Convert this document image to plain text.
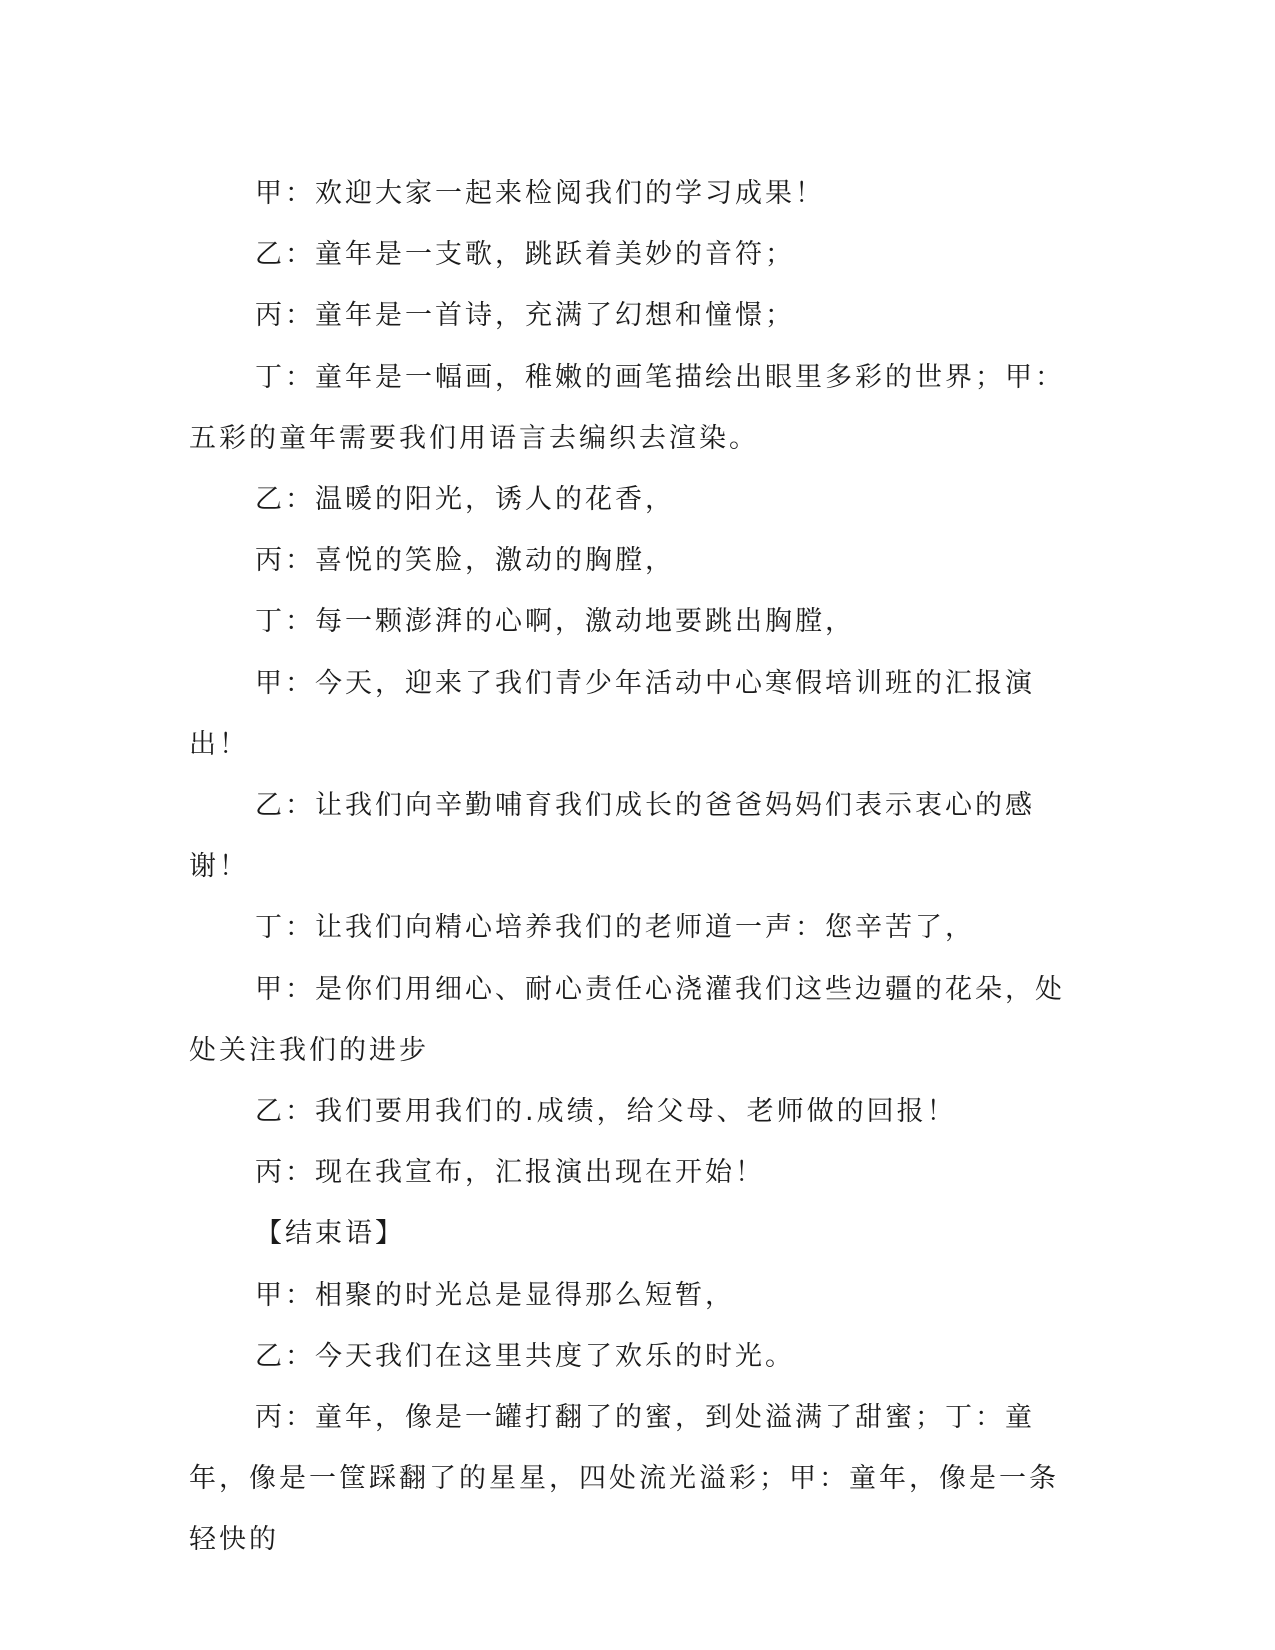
甲：欢迎大家一起来检阅我们的学习成果！

乙：童年是一支歌，跳跃着美妙的音符；

丙：童年是一首诗，充满了幻想和憧憬；

丁：童年是一幅画，稚嫩的画笔描绘出眼里多彩的世界；甲：五彩的童年需要我们用语言去编织去渲染。

乙：温暖的阳光，诱人的花香，

丙：喜悦的笑脸，激动的胸膛，

丁：每一颗澎湃的心啊，激动地要跳出胸膛，

甲：今天，迎来了我们青少年活动中心寒假培训班的汇报演出！

乙：让我们向辛勤哺育我们成长的爸爸妈妈们表示衷心的感谢！

丁：让我们向精心培养我们的老师道一声：您辛苦了，

甲：是你们用细心、耐心责任心浇灌我们这些边疆的花朵，处处关注我们的进步

乙：我们要用我们的.成绩，给父母、老师做的回报！

丙：现在我宣布，汇报演出现在开始！

【结束语】

甲：相聚的时光总是显得那么短暂，

乙：今天我们在这里共度了欢乐的时光。

丙：童年，像是一罐打翻了的蜜，到处溢满了甜蜜；丁：童年，像是一筐踩翻了的星星，四处流光溢彩；甲：童年，像是一条轻快的
